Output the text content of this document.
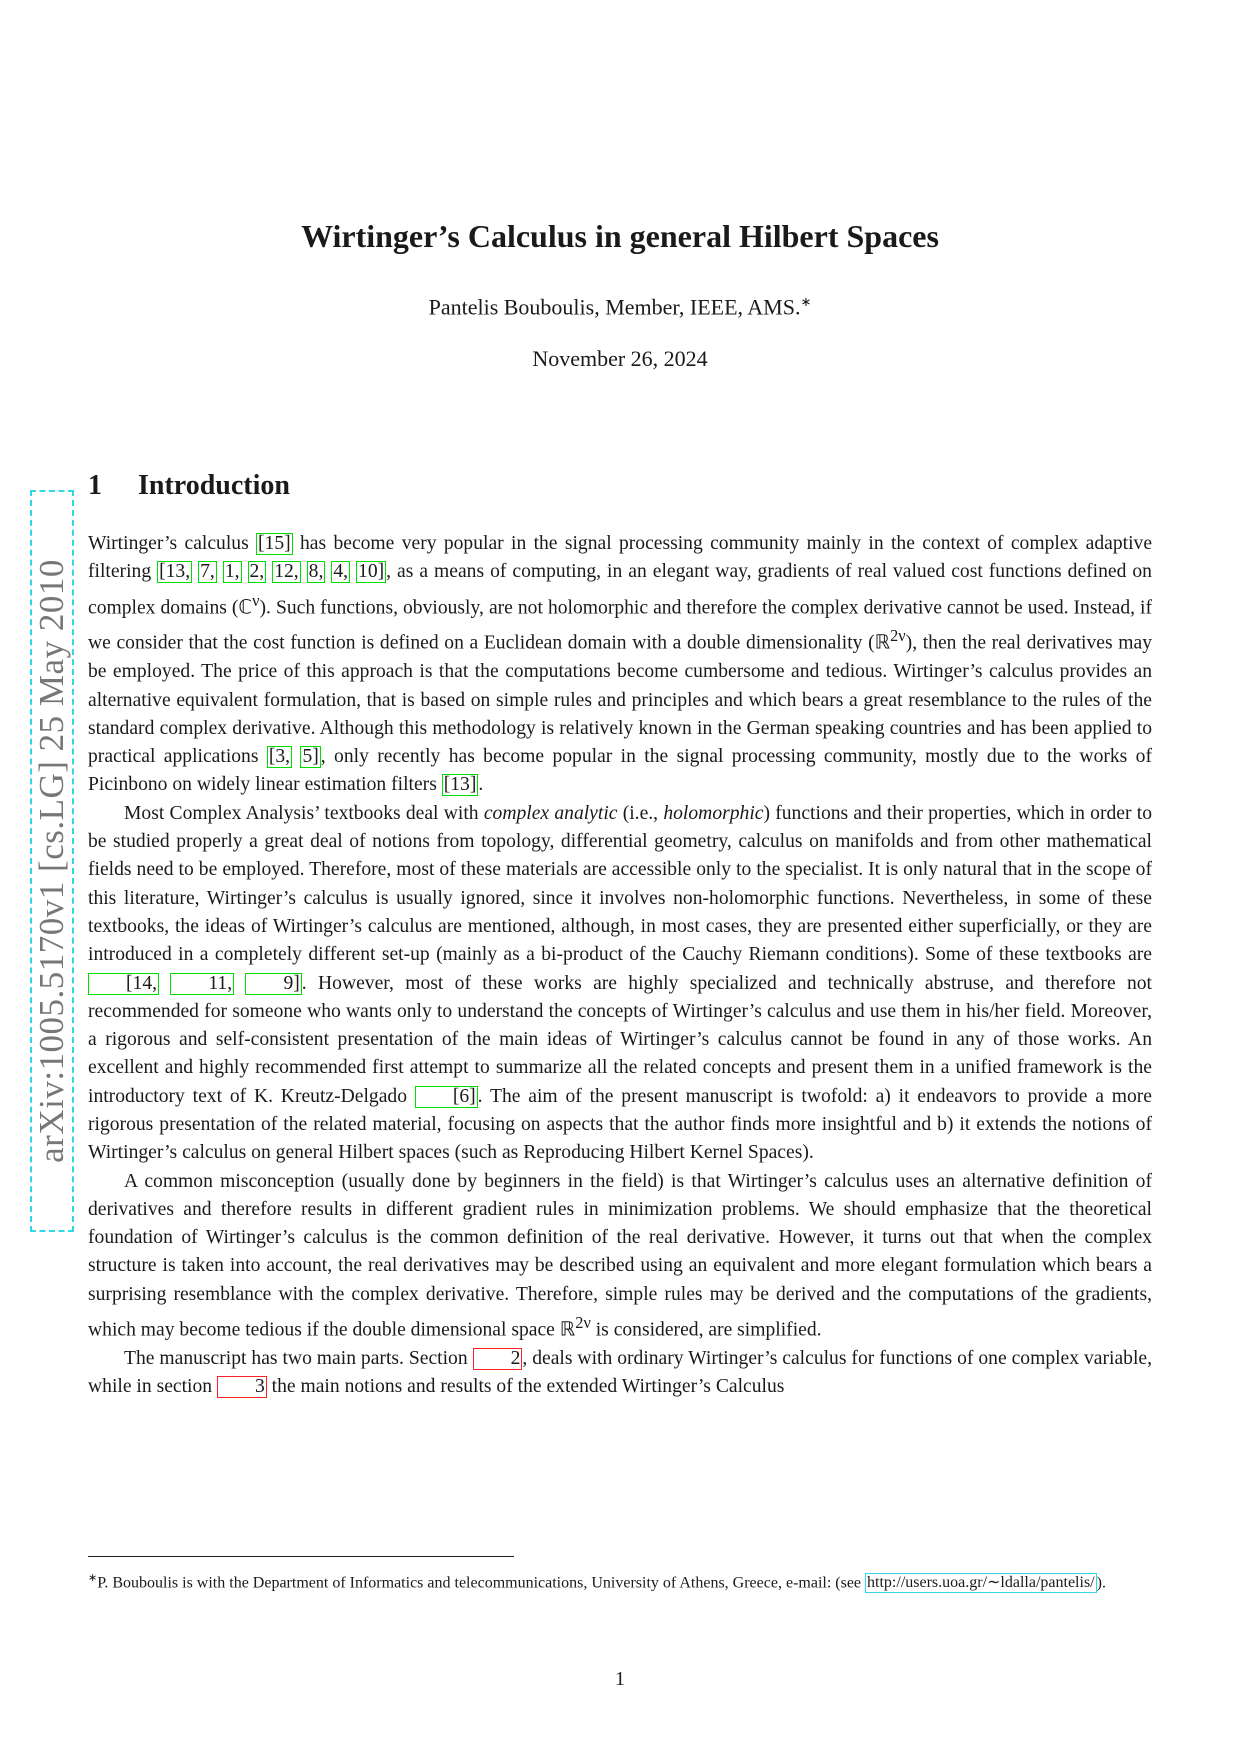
arXiv:1005.5170v1 [cs.LG] 25 May 2010
Wirtinger’s Calculus in general Hilbert Spaces
Pantelis Bouboulis, Member, IEEE, AMS.∗
November 26, 2024
1 Introduction

Wirtinger’s calculus [15] has become very popular in the signal processing community mainly in the context of complex adaptive filtering [13, 7, 1, 2, 12, 8, 4, 10] , as a means of computing, in an elegant way, gradients of real valued cost functions defined on complex domains (ℂ$^\nu$). Such functions, obviously, are not holomorphic and therefore the complex derivative cannot be used. Instead, if we consider that the cost function is defined on a Euclidean domain with a double dimensionality (ℝ$^{2\nu}$), then the real derivatives may be employed. The price of this approach is that the computations become cumbersome and tedious. Wirtinger’s calculus provides an alternative equivalent formulation, that is based on simple rules and principles and which bears a great resemblance to the rules of the standard complex derivative. Although this methodology is relatively known in the German speaking countries and has been applied to practical applications [3, 5] , only recently has become popular in the signal processing community, mostly due to the works of Picinbono on widely linear estimation filters [13] .

Most Complex Analysis’ textbooks deal with complex analytic (i.e., holomorphic) functions and their properties, which in order to be studied properly a great deal of notions from topology, differential geometry, calculus on manifolds and from other mathematical fields need to be employed. Therefore, most of these materials are accessible only to the specialist. It is only natural that in the scope of this literature, Wirtinger’s calculus is usually ignored, since it involves non-holomorphic functions. Nevertheless, in some of these textbooks, the ideas of Wirtinger’s calculus are mentioned, although, in most cases, they are presented either superficially, or they are introduced in a completely different set-up (mainly as a bi-product of the Cauchy Riemann conditions). Some of these textbooks are [14,	11,	9] . However, most of these works are highly specialized and technically abstruse, and therefore not recommended for someone who wants only to understand the concepts of Wirtinger’s calculus and use them in his/her field. Moreover, a rigorous and self-consistent presentation of the main ideas of Wirtinger’s calculus cannot be found in any of those works. An excellent and highly recommended first attempt to summarize all the related concepts and present them in a unified framework is the introductory text of K. Kreutz-Delgado [6] . The aim of the present manuscript is twofold: a) it endeavors to provide a more rigorous presentation of the related material, focusing on aspects that the author finds more insightful and b) it extends the notions of Wirtinger’s calculus on general Hilbert spaces (such as Reproducing Hilbert Kernel Spaces).

A common misconception (usually done by beginners in the field) is that Wirtinger’s calculus uses an alternative definition of derivatives and therefore results in different gradient rules in minimization problems. We should emphasize that the theoretical foundation of Wirtinger’s calculus is the common definition of the real derivative. However, it turns out that when the complex structure is taken into account, the real derivatives may be described using an equivalent and more elegant formulation which bears a surprising resemblance with the complex derivative. Therefore, simple rules may be derived and the computations of the gradients, which may become tedious if the double dimensional space ℝ$^{2\nu}$ is considered, are simplified.

The manuscript has two main parts. Section 2 , deals with ordinary Wirtinger’s calculus for functions of one complex variable, while in section 3 the main notions and results of the extended Wirtinger’s Calculus

∗P. Bouboulis is with the Department of Informatics and telecommunications, University of Athens, Greece, e-mail: (see http://users.uoa.gr/∼ldalla/pantelis/ ).
1
